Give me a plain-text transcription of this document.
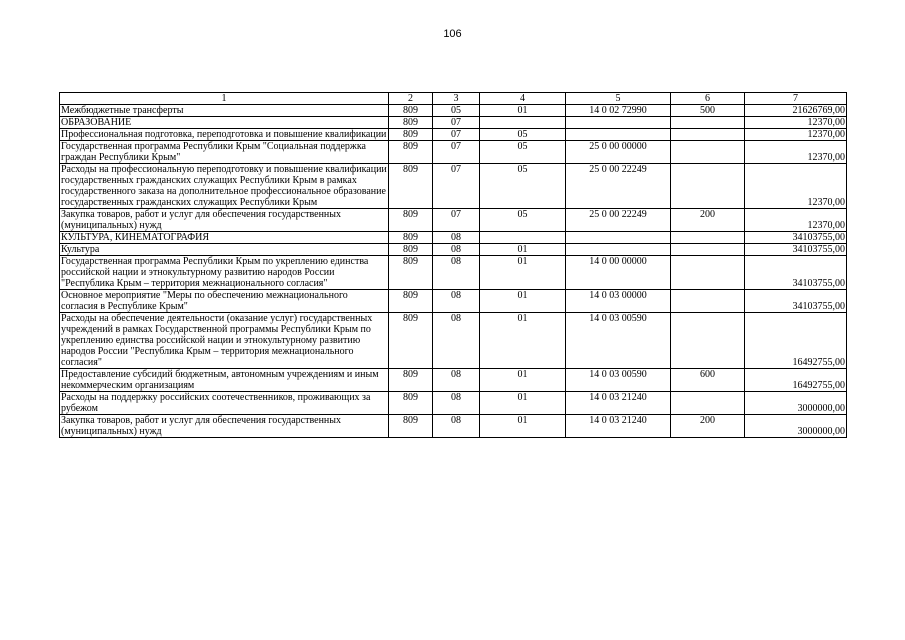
106
1	2	3	4	5	6	7
Межбюджетные трансферты	809	05	01	14 0 02 72990	500	21626769,00
ОБРАЗОВАНИЕ	809	07				12370,00
Профессиональная подготовка, переподготовка и повышение квалификации	809	07	05			12370,00
Государственная программа Республики Крым "Социальная поддержка граждан Республики Крым"	809	07	05	25 0 00 00000		12370,00
Расходы на профессиональную переподготовку и повышение квалификации государственных гражданских служащих Республики Крым в рамках государственного заказа на дополнительное профессиональное образование государственных гражданских служащих Республики Крым	809	07	05	25 0 00 22249		12370,00
Закупка товаров, работ и услуг для обеспечения государственных (муниципальных) нужд	809	07	05	25 0 00 22249	200	12370,00
КУЛЬТУРА, КИНЕМАТОГРАФИЯ	809	08				34103755,00
Культура	809	08	01			34103755,00
Государственная программа Республики Крым по укреплению единства российской нации и этнокультурному развитию народов России "Республика Крым – территория межнационального согласия"	809	08	01	14 0 00 00000		34103755,00
Основное мероприятие "Меры по обеспечению межнационального согласия в Республике Крым"	809	08	01	14 0 03 00000		34103755,00
Расходы на обеспечение деятельности (оказание услуг) государственных учреждений в рамках Государственной программы Республики Крым по укреплению единства российской нации и этнокультурному развитию народов России "Республика Крым – территория межнационального согласия"	809	08	01	14 0 03 00590		16492755,00
Предоставление субсидий бюджетным, автономным учреждениям и иным некоммерческим организациям	809	08	01	14 0 03 00590	600	16492755,00
Расходы на поддержку российских соотечественников, проживающих за рубежом	809	08	01	14 0 03 21240		3000000,00
Закупка товаров, работ и услуг для обеспечения государственных (муниципальных) нужд	809	08	01	14 0 03 21240	200	3000000,00
